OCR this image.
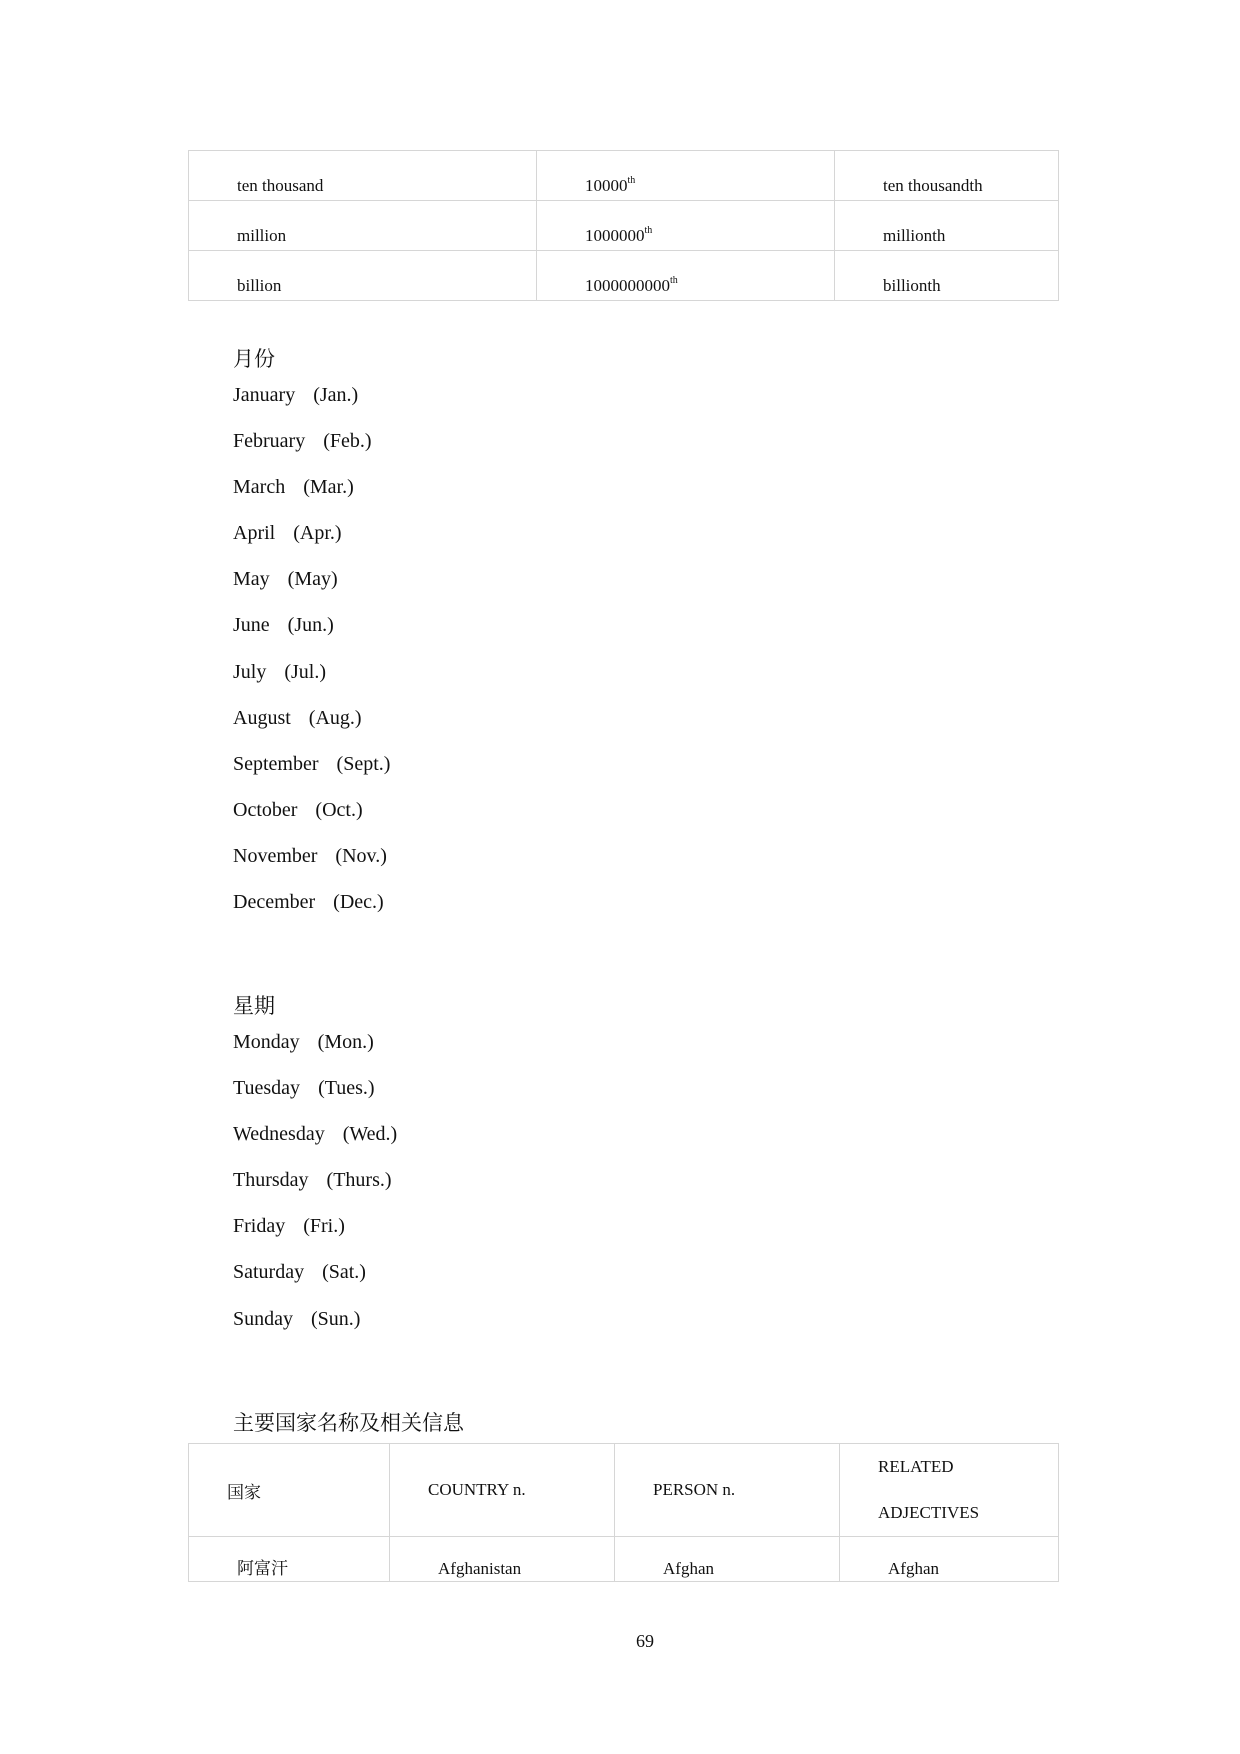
ten thousand	10000th	ten thousandth
million	1000000th	millionth
billion	1000000000th	billionth
月份
January (Jan.)
February (Feb.)
March (Mar.)
April (Apr.)
May (May)
June (Jun.)
July (Jul.)
August (Aug.)
September (Sept.)
October (Oct.)
November (Nov.)
December (Dec.)
星期
Monday (Mon.)
Tuesday (Tues.)
Wednesday (Wed.)
Thursday (Thurs.)
Friday (Fri.)
Saturday (Sat.)
Sunday (Sun.)
主要国家名称及相关信息
国家	COUNTRY n.	PERSON n.	RELATED
ADJECTIVES

阿富汗	Afghanistan	Afghan	Afghan
69
